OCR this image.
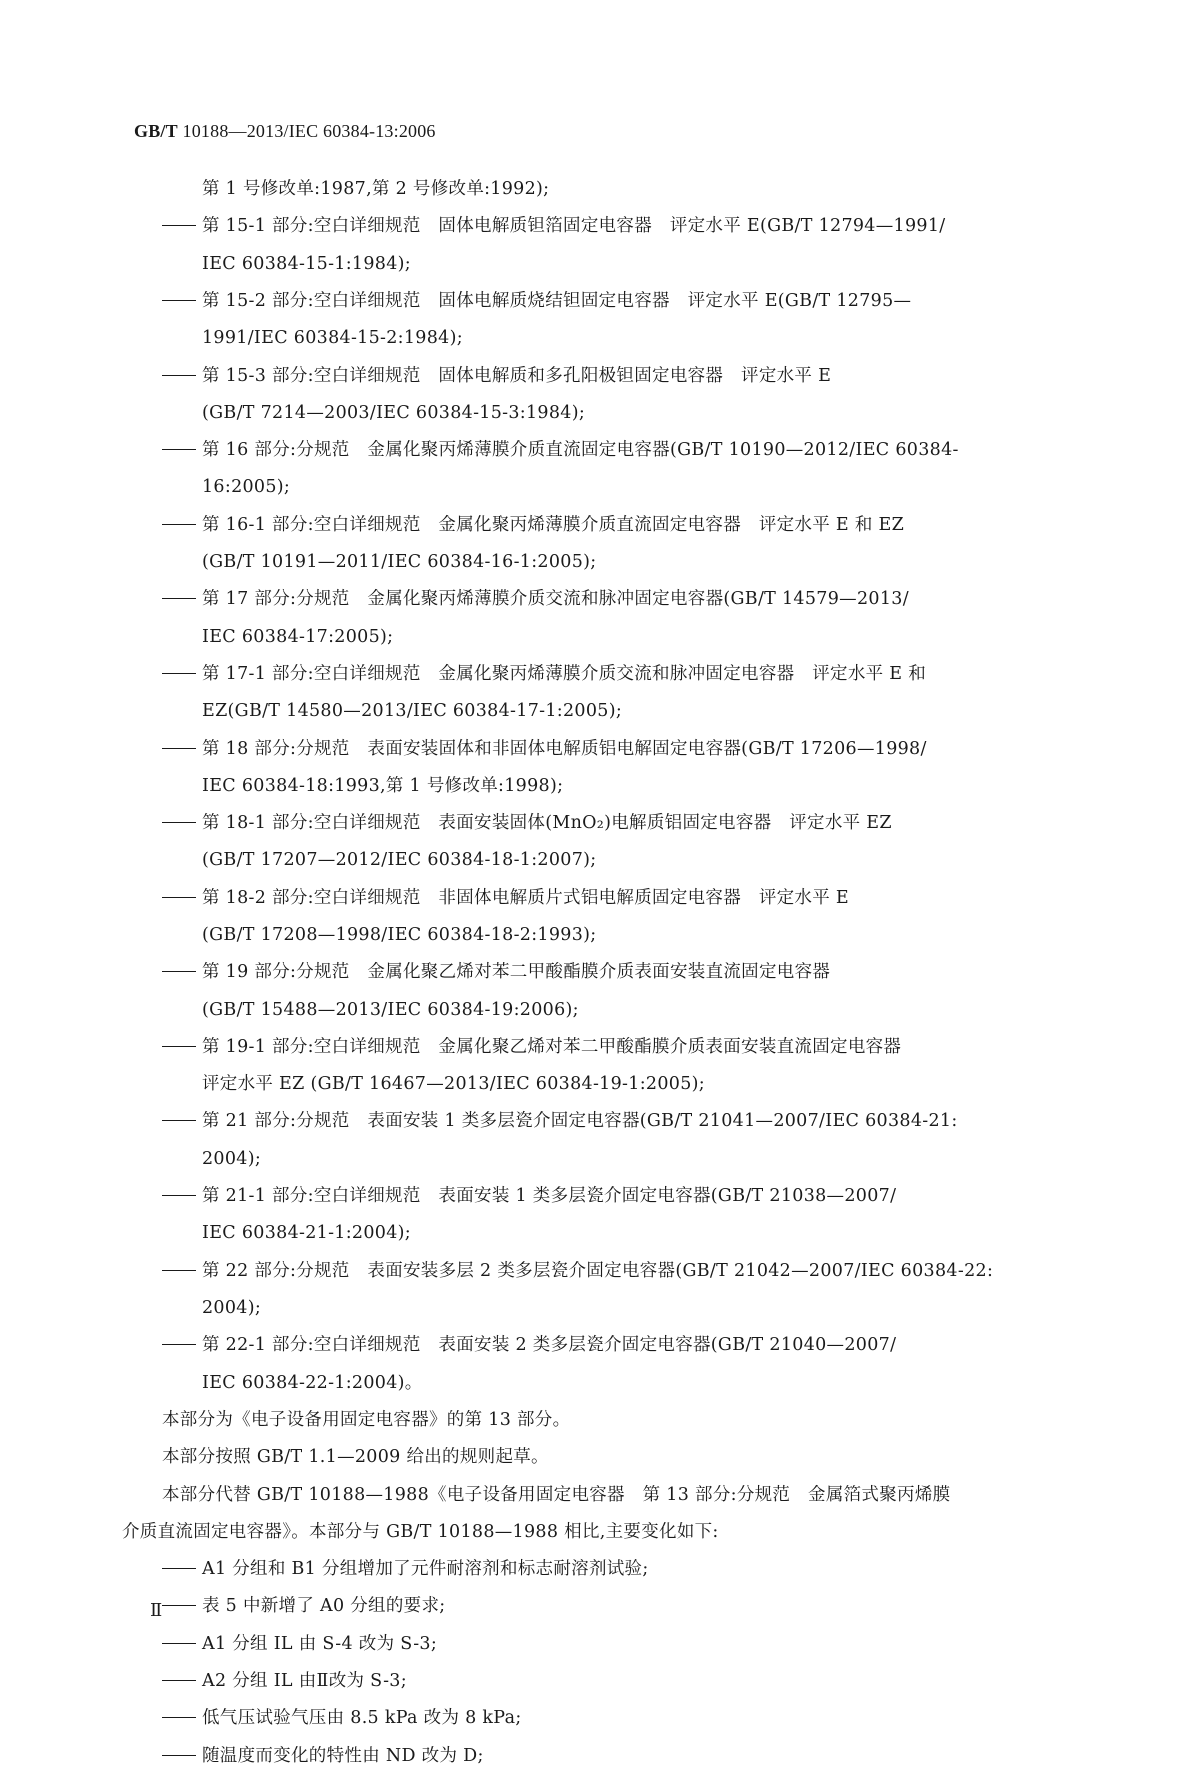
GB/T 10188—2013/IEC 60384-13:2006
第 1 号修改单:1987,第 2 号修改单:1992);
第 15-1 部分:空白详细规范　固体电解质钽箔固定电容器　评定水平 E(GB/T 12794—1991/
IEC 60384-15-1:1984);
第 15-2 部分:空白详细规范　固体电解质烧结钽固定电容器　评定水平 E(GB/T 12795—
1991/IEC 60384-15-2:1984);
第 15-3 部分:空白详细规范　固体电解质和多孔阳极钽固定电容器　评定水平 E
(GB/T 7214—2003/IEC 60384-15-3:1984);
第 16 部分:分规范　金属化聚丙烯薄膜介质直流固定电容器(GB/T 10190—2012/IEC 60384-
16:2005);
第 16-1 部分:空白详细规范　金属化聚丙烯薄膜介质直流固定电容器　评定水平 E 和 EZ
(GB/T 10191—2011/IEC 60384-16-1:2005);
第 17 部分:分规范　金属化聚丙烯薄膜介质交流和脉冲固定电容器(GB/T 14579—2013/
IEC 60384-17:2005);
第 17-1 部分:空白详细规范　金属化聚丙烯薄膜介质交流和脉冲固定电容器　评定水平 E 和
EZ(GB/T 14580—2013/IEC 60384-17-1:2005);
第 18 部分:分规范　表面安装固体和非固体电解质铝电解固定电容器(GB/T 17206—1998/
IEC 60384-18:1993,第 1 号修改单:1998);
第 18-1 部分:空白详细规范　表面安装固体(MnO₂)电解质铝固定电容器　评定水平 EZ
(GB/T 17207—2012/IEC 60384-18-1:2007);
第 18-2 部分:空白详细规范　非固体电解质片式铝电解质固定电容器　评定水平 E
(GB/T 17208—1998/IEC 60384-18-2:1993);
第 19 部分:分规范　金属化聚乙烯对苯二甲酸酯膜介质表面安装直流固定电容器
(GB/T 15488—2013/IEC 60384-19:2006);
第 19-1 部分:空白详细规范　金属化聚乙烯对苯二甲酸酯膜介质表面安装直流固定电容器
评定水平 EZ (GB/T 16467—2013/IEC 60384-19-1:2005);
第 21 部分:分规范　表面安装 1 类多层瓷介固定电容器(GB/T 21041—2007/IEC 60384-21:
2004);
第 21-1 部分:空白详细规范　表面安装 1 类多层瓷介固定电容器(GB/T 21038—2007/
IEC 60384-21-1:2004);
第 22 部分:分规范　表面安装多层 2 类多层瓷介固定电容器(GB/T 21042—2007/IEC 60384-22:
2004);
第 22-1 部分:空白详细规范　表面安装 2 类多层瓷介固定电容器(GB/T 21040—2007/
IEC 60384-22-1:2004)。
本部分为《电子设备用固定电容器》的第 13 部分。
本部分按照 GB/T 1.1—2009 给出的规则起草。
本部分代替 GB/T 10188—1988《电子设备用固定电容器　第 13 部分:分规范　金属箔式聚丙烯膜
介质直流固定电容器》。本部分与 GB/T 10188—1988 相比,主要变化如下:
A1 分组和 B1 分组增加了元件耐溶剂和标志耐溶剂试验;
表 5 中新增了 A0 分组的要求;
A1 分组 IL 由 S-4 改为 S-3;
A2 分组 IL 由Ⅱ改为 S-3;
低气压试验气压由 8.5 kPa 改为 8 kPa;
随温度而变化的特性由 ND 改为 D;
Ⅱ
